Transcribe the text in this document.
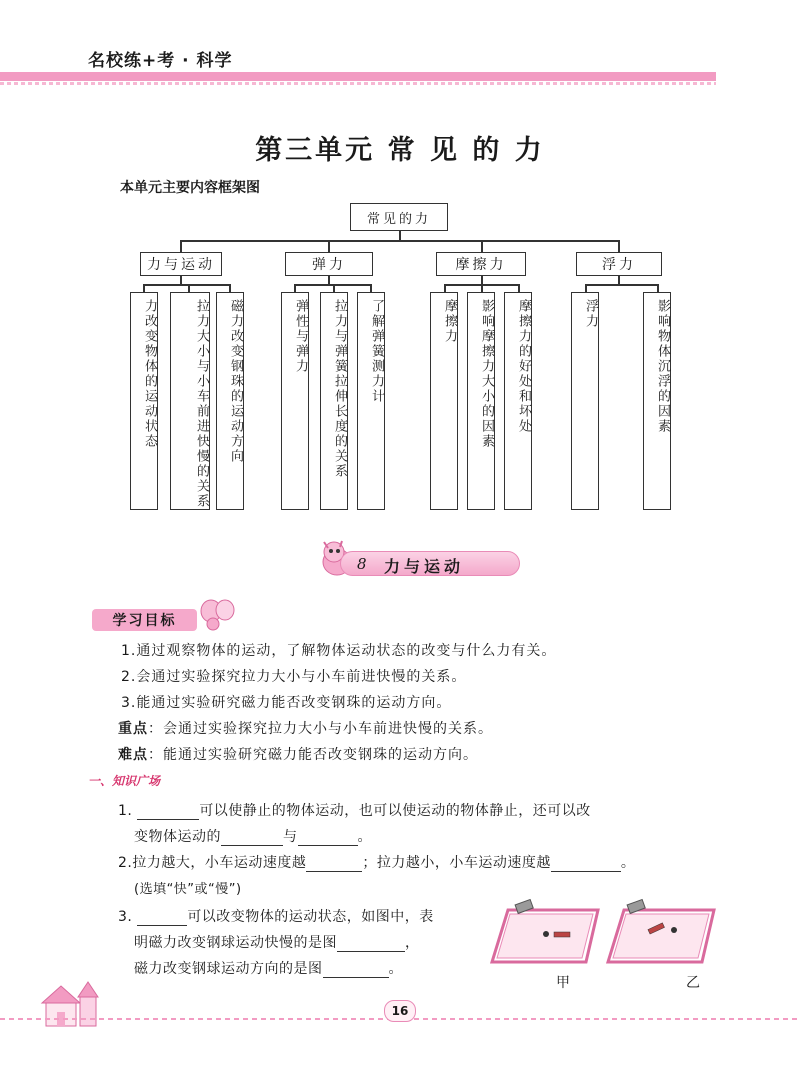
名校练+考 · 科学
第三单元 常 见 的 力
本单元主要内容框架图
常见的力
力与运动	弹力	摩擦力	浮力
力改变物体的运动状态	拉力大小与小车前进快慢的关系	磁力改变钢珠的运动方向	弹性与弹力	拉力与弹簧拉伸长度的关系	了解弹簧测力计	摩擦力	影响摩擦力大小的因素	摩擦力的好处和坏处	浮力	影响物体沉浮的因素
8 力与运动
学习目标
1.通过观察物体的运动，了解物体运动状态的改变与什么力有关。
2.会通过实验探究拉力大小与小车前进快慢的关系。
3.能通过实验研究磁力能否改变钢珠的运动方向。
重点：会通过实验探究拉力大小与小车前进快慢的关系。
难点：能通过实验研究磁力能否改变钢珠的运动方向。
一、知识广场
1.	可以使静止的物体运动，也可以使运动的物体静止，还可以改
变物体运动的	与	。
2.拉力越大，小车运动速度越	；拉力越小，小车运动速度越	。
(选填“快”或“慢”)
3.	可以改变物体的运动状态，如图中，表
明磁力改变钢球运动快慢的是图	，
磁力改变钢球运动方向的是图	。
甲	乙
16
